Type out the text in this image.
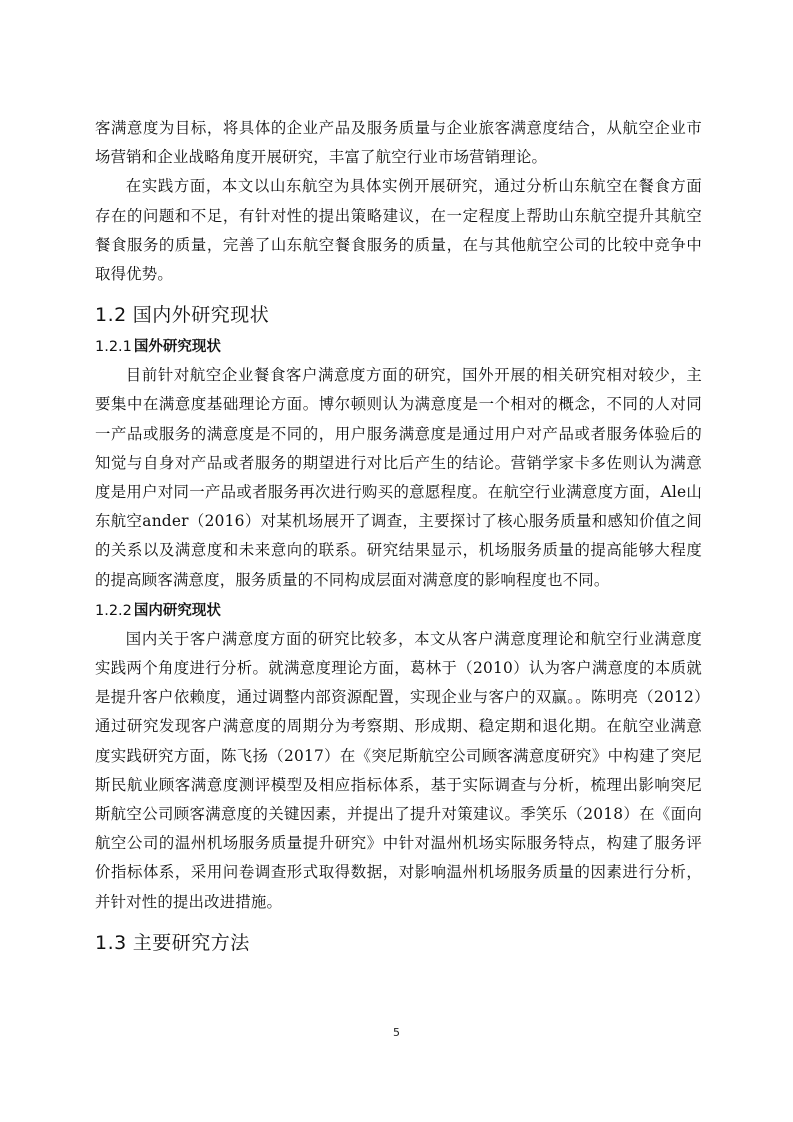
客满意度为目标，将具体的企业产品及服务质量与企业旅客满意度结合，从航空企业市场营销和企业战略角度开展研究，丰富了航空行业市场营销理论。

在实践方面，本文以山东航空为具体实例开展研究，通过分析山东航空在餐食方面存在的问题和不足，有针对性的提出策略建议，在一定程度上帮助山东航空提升其航空餐食服务的质量，完善了山东航空餐食服务的质量，在与其他航空公司的比较中竞争中取得优势。

1.2 国内外研究现状
1.2.1 国外研究现状

目前针对航空企业餐食客户满意度方面的研究，国外开展的相关研究相对较少，主要集中在满意度基础理论方面。博尔顿则认为满意度是一个相对的概念，不同的人对同一产品或服务的满意度是不同的，用户服务满意度是通过用户对产品或者服务体验后的知觉与自身对产品或者服务的期望进行对比后产生的结论。营销学家卡多佐则认为满意度是用户对同一产品或者服务再次进行购买的意愿程度。在航空行业满意度方面，Ale山东航空ander（2016）对某机场展开了调查，主要探讨了核心服务质量和感知价值之间的关系以及满意度和未来意向的联系。研究结果显示，机场服务质量的提高能够大程度的提高顾客满意度，服务质量的不同构成层面对满意度的影响程度也不同。

1.2.2 国内研究现状

国内关于客户满意度方面的研究比较多，本文从客户满意度理论和航空行业满意度实践两个角度进行分析。就满意度理论方面，葛林于（2010）认为客户满意度的本质就是提升客户依赖度，通过调整内部资源配置，实现企业与客户的双赢。。陈明亮（2012）通过研究发现客户满意度的周期分为考察期、形成期、稳定期和退化期。在航空业满意度实践研究方面，陈飞扬（2017）在《突尼斯航空公司顾客满意度研究》中构建了突尼斯民航业顾客满意度测评模型及相应指标体系，基于实际调查与分析，梳理出影响突尼斯航空公司顾客满意度的关键因素，并提出了提升对策建议。季笑乐（2018）在《面向航空公司的温州机场服务质量提升研究》中针对温州机场实际服务特点，构建了服务评价指标体系，采用问卷调查形式取得数据，对影响温州机场服务质量的因素进行分析，并针对性的提出改进措施。

1.3 主要研究方法
5
